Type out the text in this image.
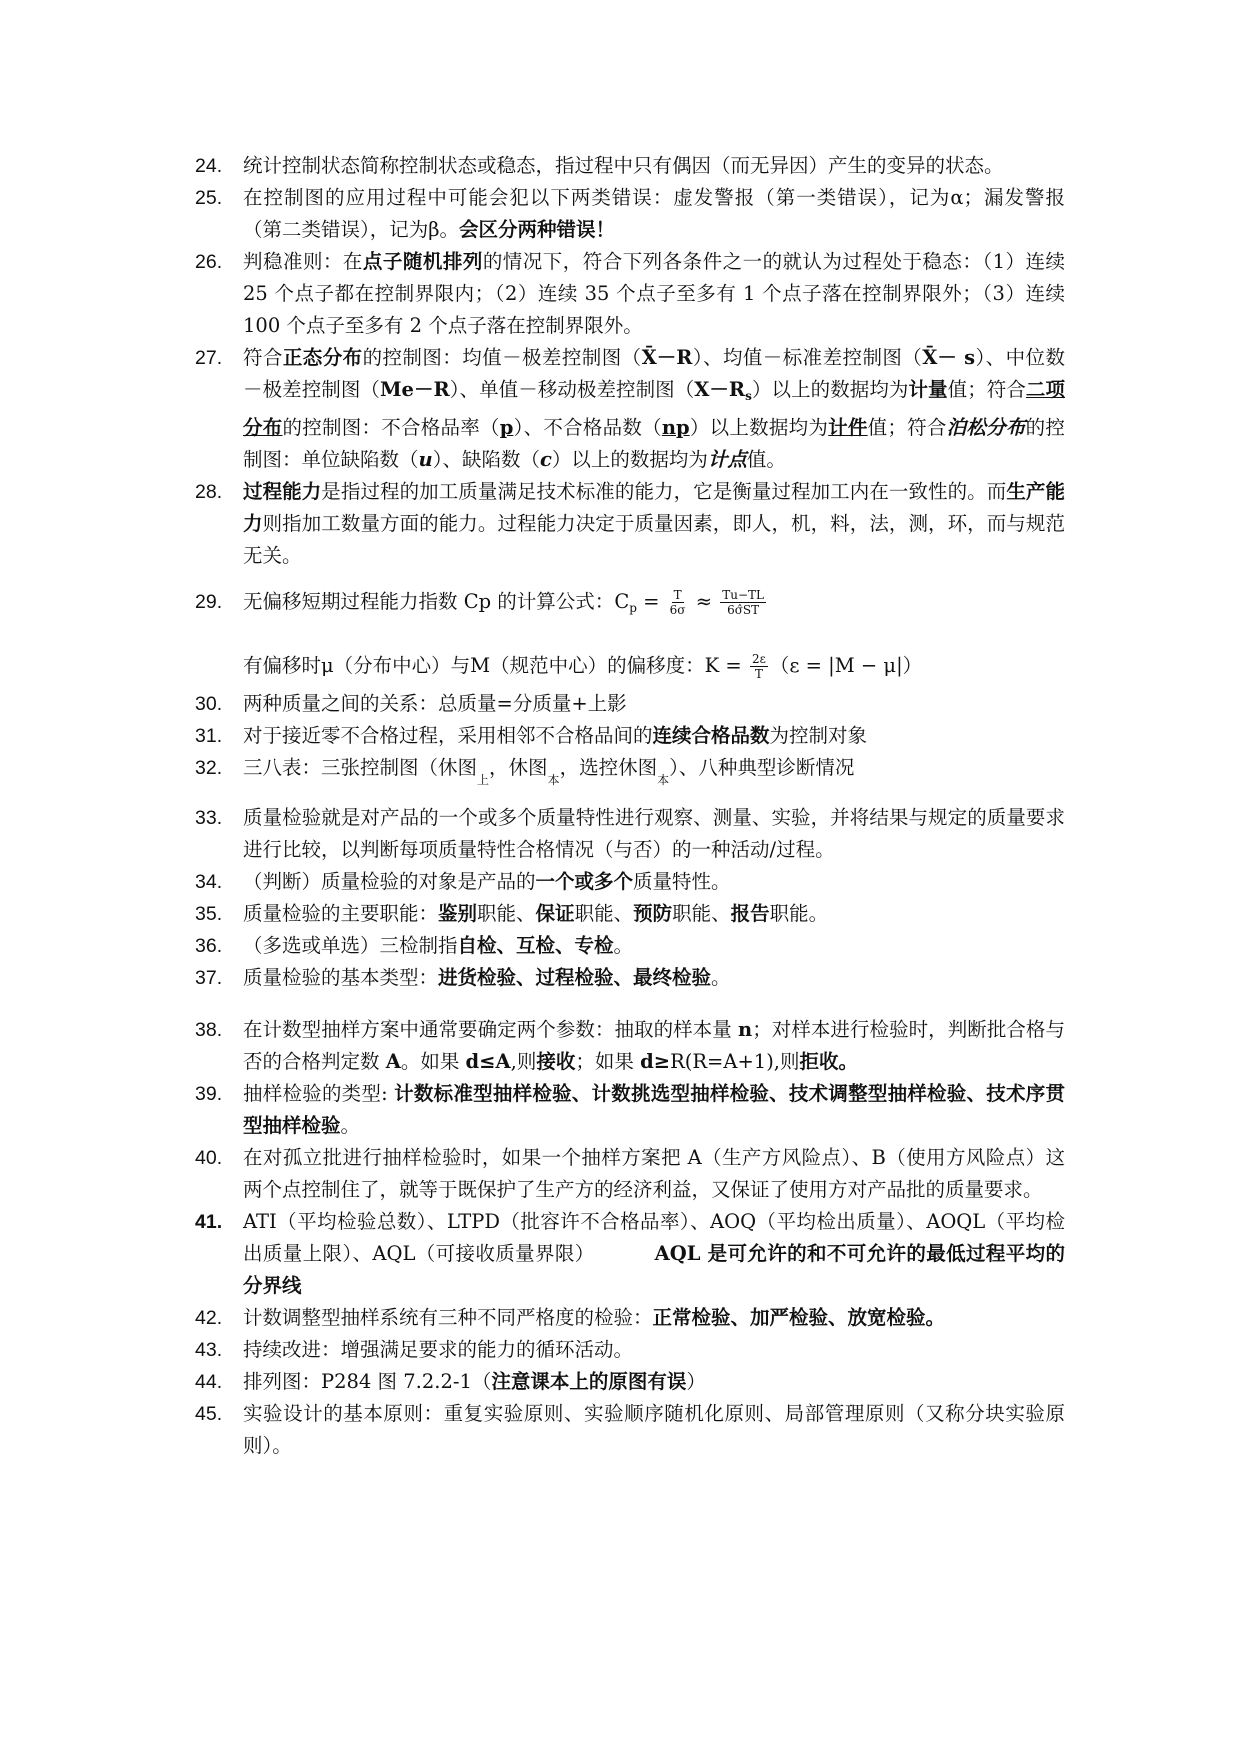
24.	统计控制状态简称控制状态或稳态，指过程中只有偶因（而无异因）产生的变异的状态。
25.	在控制图的应用过程中可能会犯以下两类错误：虚发警报（第一类错误），记为α；漏发警报（第二类错误），记为β。会区分两种错误！
26.	判稳准则：在点子随机排列的情况下，符合下列各条件之一的就认为过程处于稳态：（1）连续 25 个点子都在控制界限内；（2）连续 35 个点子至多有 1 个点子落在控制界限外；（3）连续 100 个点子至多有 2 个点子落在控制界限外。
27.	符合正态分布的控制图：均值－极差控制图（X̄－R）、均值－标准差控制图（X̄－ s）、中位数－极差控制图（Me－R）、单值－移动极差控制图$(X-R_s)$以上的数据均为计量值；符合二项分布的控制图：不合格品率（p）、不合格品数（np）以上数据均为计件值；符合泊松分布的控制图：单位缺陷数（u）、缺陷数（c）以上的数据均为计点值。
28.	过程能力是指过程的加工质量满足技术标准的能力，它是衡量过程加工内在一致性的。而生产能力则指加工数量方面的能力。过程能力决定于质量因素，即人，机，料，法，测，环，而与规范无关。
29.	无偏移短期过程能力指数 Cp 的计算公式：$C_p = \frac{T}{6\sigma} \approx \frac{Tu-TL}{6\sigmâST}$
有偏移时μ（分布中心）与M（规范中心）的偏移度：$K = \frac{2\varepsilon}{T} (\varepsilon = |M - \mu|)$
30.	两种质量之间的关系：总质量=分质量+上影
31.	对于接近零不合格过程，采用相邻不合格品间的连续合格品数为控制对象
32.	三八表：三张控制图（休图$_上$，休图$_本$，选控休图$_本$）、八种典型诊断情况
33.	质量检验就是对产品的一个或多个质量特性进行观察、测量、实验，并将结果与规定的质量要求进行比较，以判断每项质量特性合格情况（与否）的一种活动/过程。
34.	（判断）质量检验的对象是产品的一个或多个质量特性。
35.	质量检验的主要职能：鉴别职能、保证职能、预防职能、报告职能。
36.	（多选或单选）三检制指自检、互检、专检。
37.	质量检验的基本类型：进货检验、过程检验、最终检验。
38.	在计数型抽样方案中通常要确定两个参数：抽取的样本量 n；对样本进行检验时，判断批合格与否的合格判定数 A。如果 d≤A,则接收；如果 d≥R(R=A+1),则拒收。
39.	抽样检验的类型: 计数标准型抽样检验、计数挑选型抽样检验、技术调整型抽样检验、技术序贯型抽样检验。
40.	在对孤立批进行抽样检验时，如果一个抽样方案把 A（生产方风险点）、B（使用方风险点）这两个点控制住了，就等于既保护了生产方的经济利益，又保证了使用方对产品批的质量要求。
41.	ATI（平均检验总数）、LTPD（批容许不合格品率）、AOQ（平均检出质量）、AOQL（平均检出质量上限）、AQL（可接收质量界限）	AQL 是可允许的和不可允许的最低过程平均的分界线
42.	计数调整型抽样系统有三种不同严格度的检验：正常检验、加严检验、放宽检验。
43.	持续改进：增强满足要求的能力的循环活动。
44.	排列图：P284 图 7.2.2-1（注意课本上的原图有误）
45.	实验设计的基本原则：重复实验原则、实验顺序随机化原则、局部管理原则（又称分块实验原则）。
